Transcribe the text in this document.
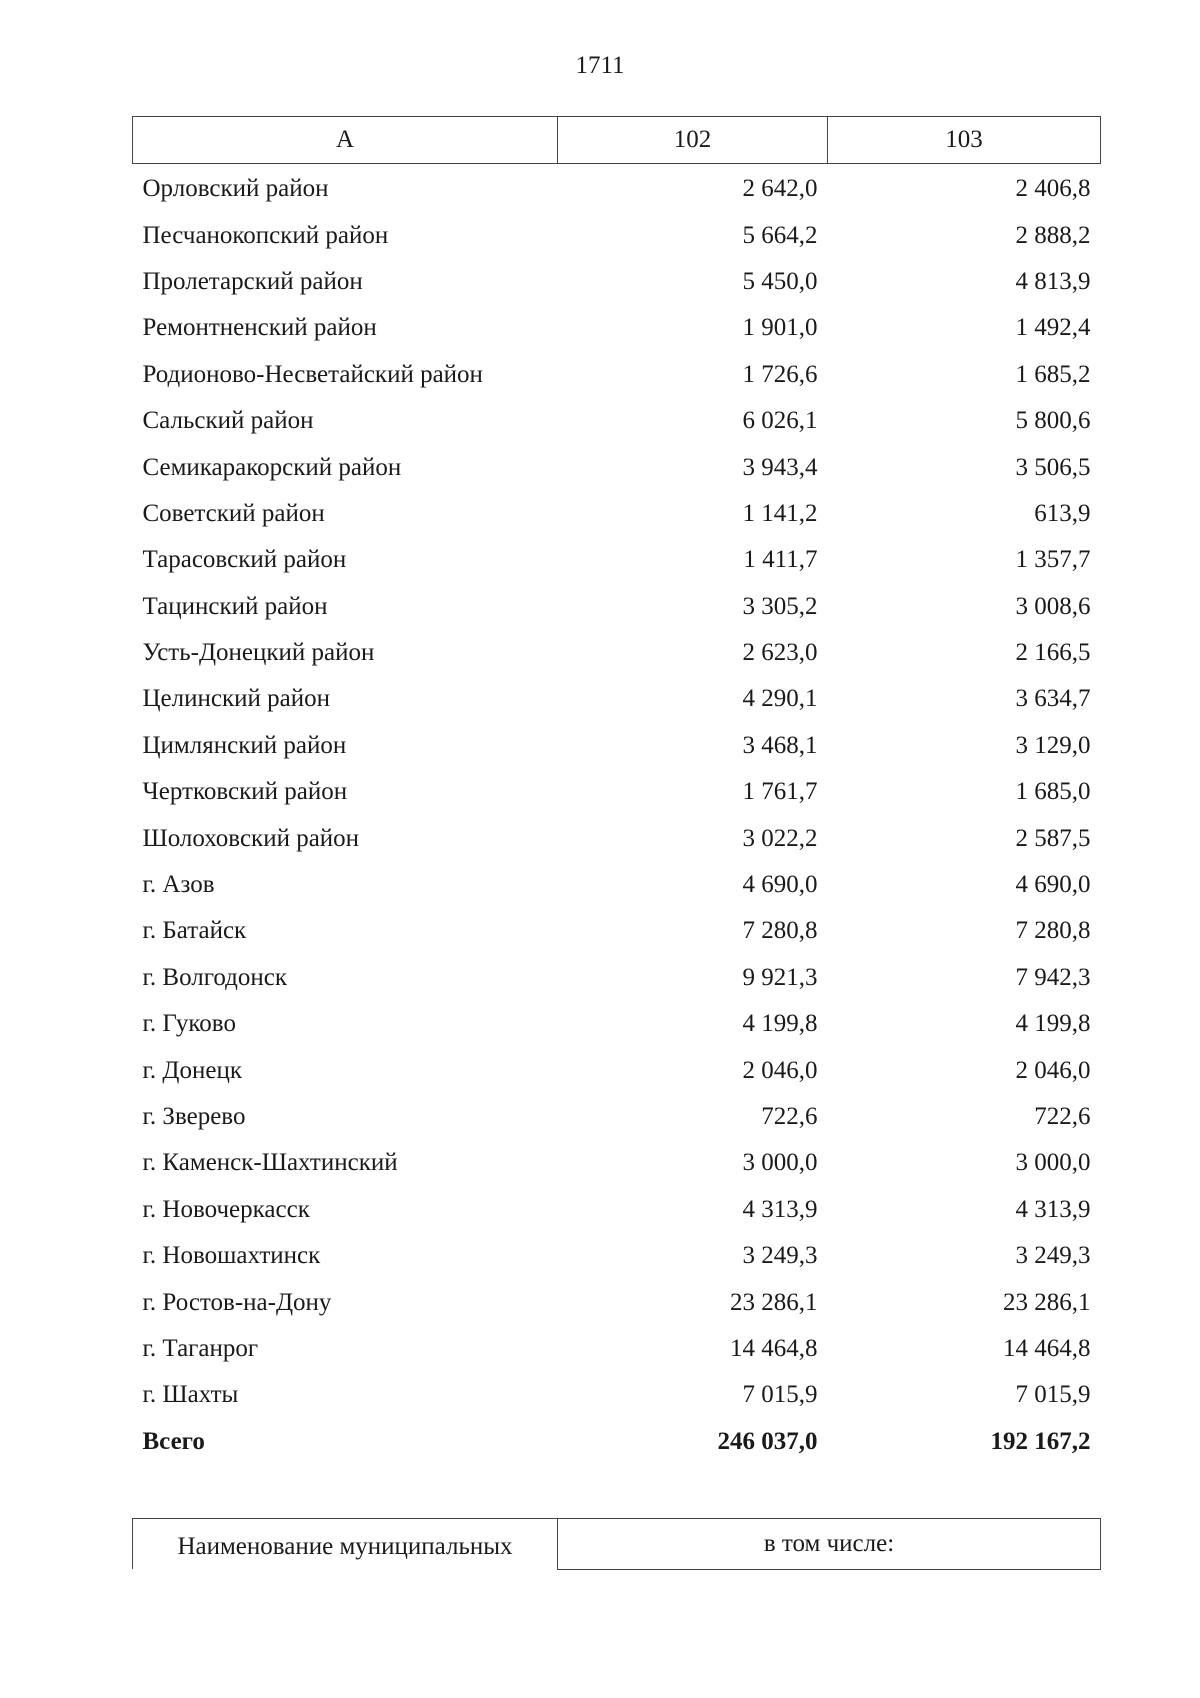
1711
А	102	103
Орловский район	2 642,0	2 406,8
Песчанокопский район	5 664,2	2 888,2
Пролетарский район	5 450,0	4 813,9
Ремонтненский район	1 901,0	1 492,4
Родионово-Несветайский район	1 726,6	1 685,2
Сальский район	6 026,1	5 800,6
Семикаракорский район	3 943,4	3 506,5
Советский район	1 141,2	613,9
Тарасовский район	1 411,7	1 357,7
Тацинский район	3 305,2	3 008,6
Усть-Донецкий район	2 623,0	2 166,5
Целинский район	4 290,1	3 634,7
Цимлянский район	3 468,1	3 129,0
Чертковский район	1 761,7	1 685,0
Шолоховский район	3 022,2	2 587,5
г. Азов	4 690,0	4 690,0
г. Батайск	7 280,8	7 280,8
г. Волгодонск	9 921,3	7 942,3
г. Гуково	4 199,8	4 199,8
г. Донецк	2 046,0	2 046,0
г. Зверево	722,6	722,6
г. Каменск-Шахтинский	3 000,0	3 000,0
г. Новочеркасск	4 313,9	4 313,9
г. Новошахтинск	3 249,3	3 249,3
г. Ростов-на-Дону	23 286,1	23 286,1
г. Таганрог	14 464,8	14 464,8
г. Шахты	7 015,9	7 015,9
Всего	246 037,0	192 167,2
Наименование муниципальных	в том числе:
